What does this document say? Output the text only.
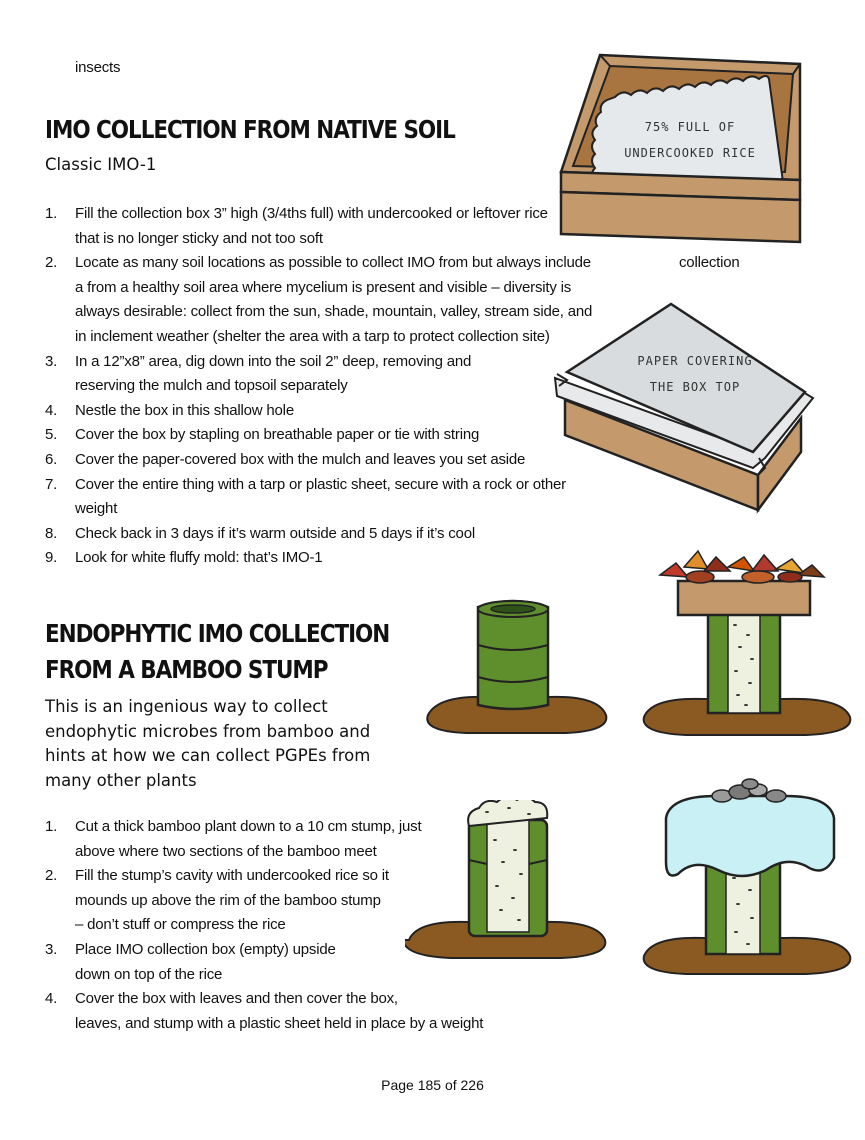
insects
IMO COLLECTION FROM NATIVE SOIL
Classic IMO-1
1. Fill the collection box 3” high (3/4ths full) with undercooked or leftover rice that is no longer sticky and not too soft
2. Locate as many soil locations as possible to collect IMO from but always include a from a healthy soil area where mycelium is present and visible – diversity is always desirable: collect from the sun, shade, mountain, valley, stream side, and in inclement weather (shelter the area with a tarp to protect collection site)
3. In a 12”x8” area, dig down into the soil 2” deep, removing and reserving the mulch and topsoil separately
4. Nestle the box in this shallow hole
5. Cover the box by stapling on breathable paper or tie with string
6. Cover the paper-covered box with the mulch and leaves you set aside
7. Cover the entire thing with a tarp or plastic sheet, secure with a rock or other weight
8. Check back in 3 days if it’s warm outside and 5 days if it’s cool
9. Look for white fluffy mold: that’s IMO-1
collection
75% FULL OF
UNDERCOOKED RICE
PAPER COVERING
THE BOX TOP
ENDOPHYTIC IMO COLLECTION
FROM A BAMBOO STUMP
This is an ingenious way to collect
endophytic microbes from bamboo and
hints at how we can collect PGPEs from
many other plants
1. Cut a thick bamboo plant down to a 10 cm stump, just
above where two sections of the bamboo meet
2. Fill the stump’s cavity with undercooked rice so it
mounds up above the rim of the bamboo stump
– don’t stuff or compress the rice
3. Place IMO collection box (empty) upside
down on top of the rice
4. Cover the box with leaves and then cover the box,
leaves, and stump with a plastic sheet held in place by a weight
Page 185 of 226
